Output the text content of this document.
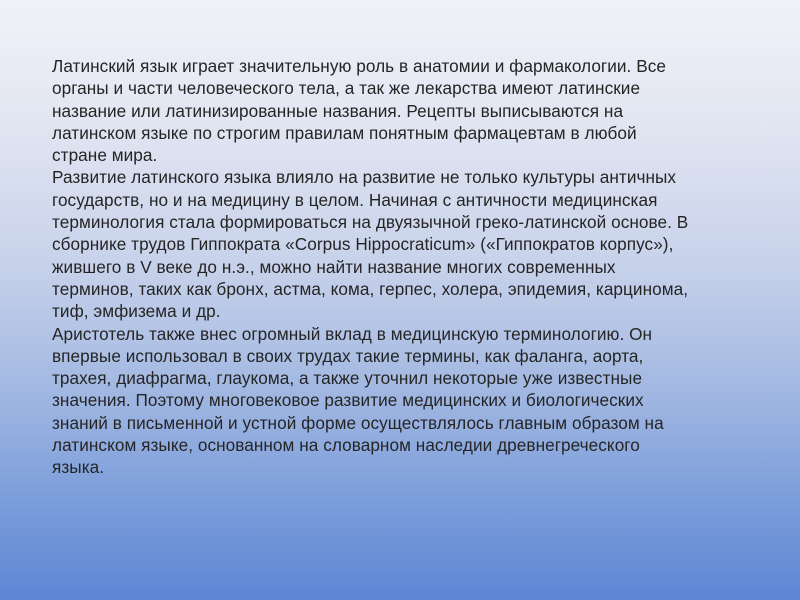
Латинский язык играет значительную роль в анатомии и фармакологии. Все
органы и части человеческого тела, а так же лекарства имеют латинские
название или латинизированные названия. Рецепты выписываются на
латинском языке по строгим правилам понятным фармацевтам в любой
стране мира.

Развитие латинского языка влияло на развитие не только культуры античных
государств, но и на медицину в целом. Начиная с античности медицинская
терминология стала формироваться на двуязычной греко-латинской основе. В
сборнике трудов Гиппократа «Corpus Hippocraticum» («Гиппократов корпус»),
жившего в V веке до н.э., можно найти название многих современных
терминов, таких как бронх, астма, кома, герпес, холера, эпидемия, карцинома,
тиф, эмфизема и др.

Аристотель также внес огромный вклад в медицинскую терминологию. Он
впервые использовал в своих трудах такие термины, как фаланга, аорта,
трахея, диафрагма, глаукома, а также уточнил некоторые уже известные
значения. Поэтому многовековое развитие медицинских и биологических
знаний в письменной и устной форме осуществлялось главным образом на
латинском языке, основанном на словарном наследии древнегреческого
языка.
